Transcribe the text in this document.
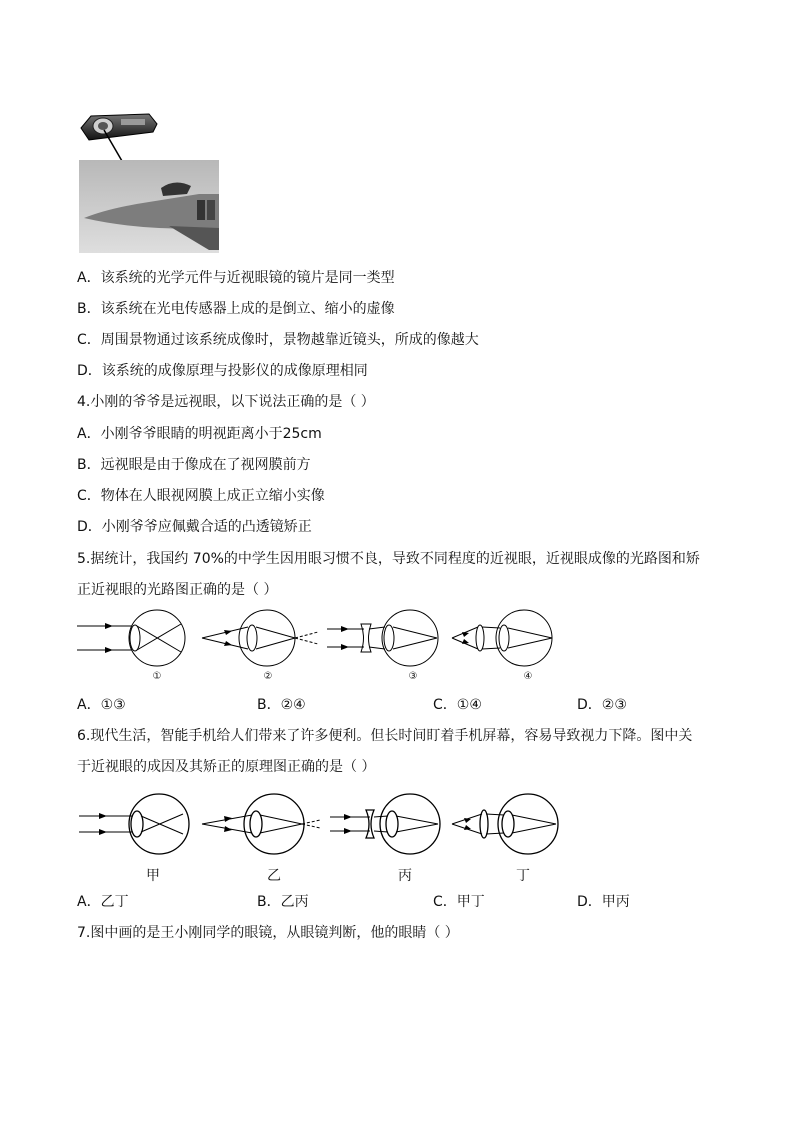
A．该系统的光学元件与近视眼镜的镜片是同一类型
B．该系统在光电传感器上成的是倒立、缩小的虚像
C．周围景物通过该系统成像时，景物越靠近镜头，所成的像越大
D．该系统的成像原理与投影仪的成像原理相同
4.小刚的爷爷是远视眼，以下说法正确的是（ ）
A．小刚爷爷眼睛的明视距离小于25cm
B．远视眼是由于像成在了视网膜前方
C．物体在人眼视网膜上成正立缩小实像
D．小刚爷爷应佩戴合适的凸透镜矫正
5.据统计，我国约 70%的中学生因用眼习惯不良，导致不同程度的近视眼，近视眼成像的光路图和矫
正近视眼的光路图正确的是（ ）
①	②	③	④
A．①③	B．②④	C．①④	D．②③
6.现代生活，智能手机给人们带来了许多便利。但长时间盯着手机屏幕，容易导致视力下降。图中关
于近视眼的成因及其矫正的原理图正确的是（ ）
甲	乙	丙	丁
A．乙丁	B．乙丙	C．甲丁	D．甲丙
7.图中画的是王小刚同学的眼镜，从眼镜判断，他的眼睛（ ）
